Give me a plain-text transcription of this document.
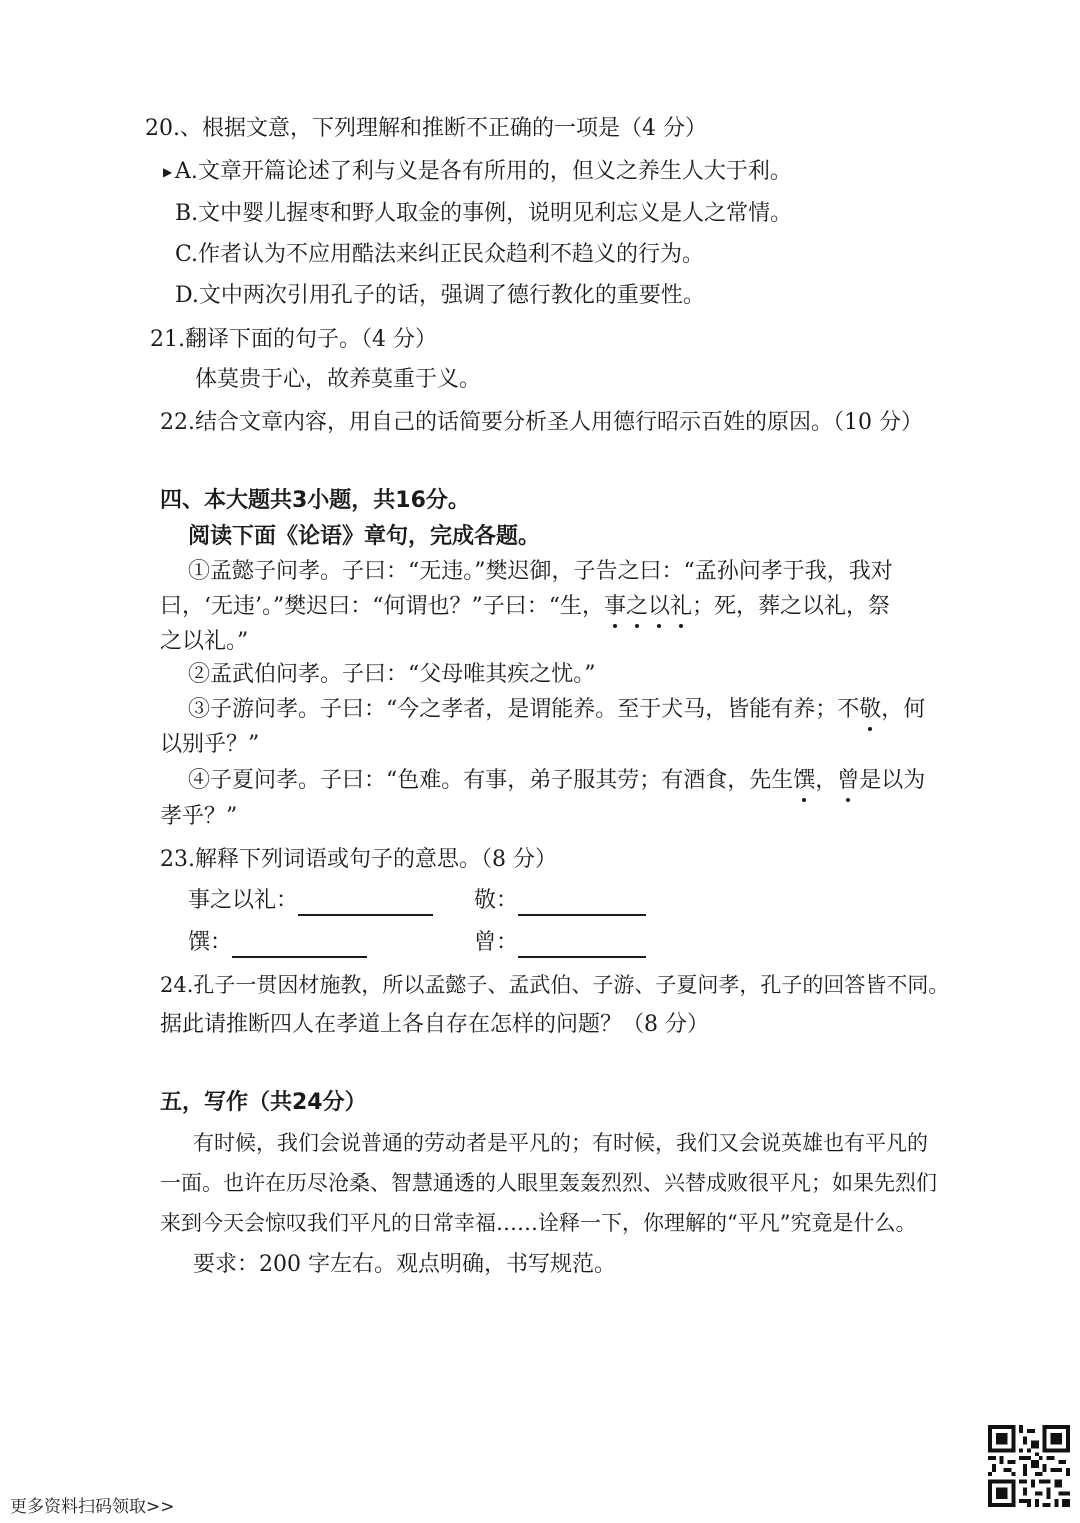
20.、根据文意，下列理解和推断不正确的一项是（4 分）
▶ A.文章开篇论述了利与义是各有所用的，但义之养生人大于利。
B.文中婴儿握枣和野人取金的事例，说明见利忘义是人之常情。
C.作者认为不应用酷法来纠正民众趋利不趋义的行为。
D.文中两次引用孔子的话，强调了德行教化的重要性。
21.翻译下面的句子。（4 分）
体莫贵于心，故养莫重于义。
22.结合文章内容，用自己的话简要分析圣人用德行昭示百姓的原因。（10 分）
四、本大题共3小题，共16分。
阅读下面《论语》章句，完成各题。
①孟懿子问孝。子曰：“无违。”樊迟御，子告之曰：“孟孙问孝于我，我对
曰，‘无违’。”樊迟曰：“何谓也？”子曰：“生，事之以礼；死，葬之以礼，祭
之以礼。”
②孟武伯问孝。子曰：“父母唯其疾之忧。”
③子游问孝。子曰：“今之孝者，是谓能养。至于犬马，皆能有养；不敬，何
以别乎？”
④子夏问孝。子曰：“色难。有事，弟子服其劳；有酒食，先生馔，曾是以为
孝乎？”
23.解释下列词语或句子的意思。（8 分）
事之以礼：	敬：
馔：	曾：
24.孔子一贯因材施教，所以孟懿子、孟武伯、子游、子夏问孝，孔子的回答皆不同。
据此请推断四人在孝道上各自存在怎样的问题？（8 分）
五，写作（共24分）
有时候，我们会说普通的劳动者是平凡的；有时候，我们又会说英雄也有平凡的
一面。也许在历尽沧桑、智慧通透的人眼里轰轰烈烈、兴替成败很平凡；如果先烈们
来到今天会惊叹我们平凡的日常幸福……诠释一下，你理解的“平凡”究竟是什么。
要求：200 字左右。观点明确，书写规范。
更多资料扫码领取>>
